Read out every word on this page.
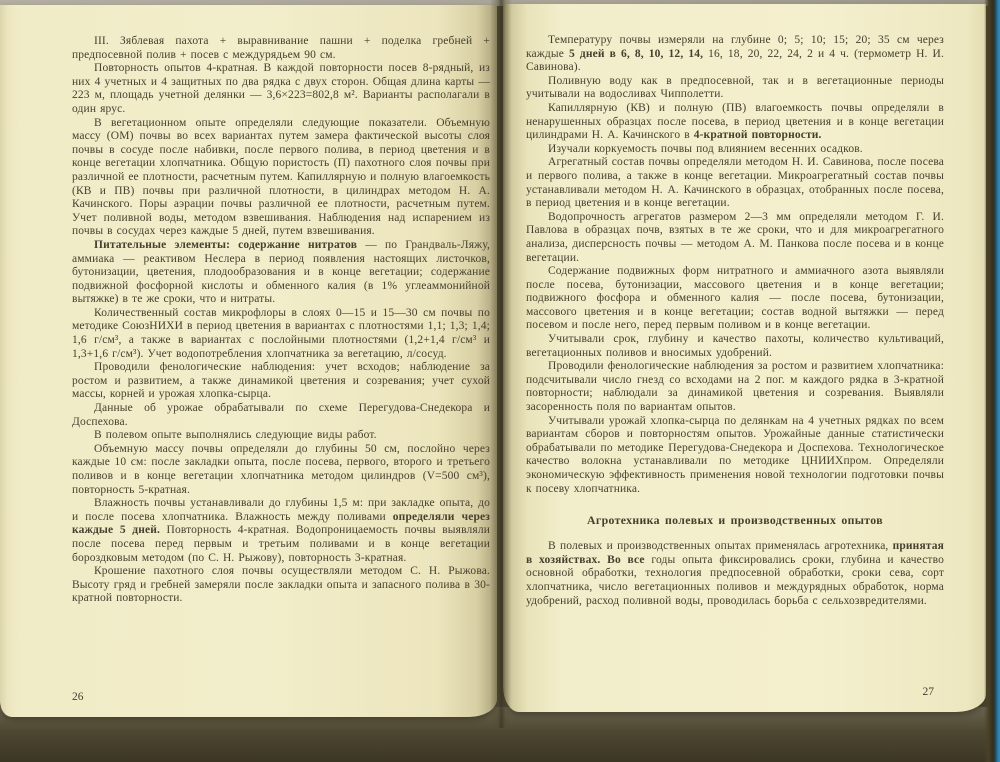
III. Зяблевая пахота + выравнивание пашни + поделка гребней + предпосевной полив + посев с междурядьем 90 см.

Повторность опытов 4-кратная. В каждой повторности посев 8-рядный, из них 4 учетных и 4 защитных по два рядка с двух сторон. Общая длина карты — 223 м, площадь учетной делянки — 3,6×223=802,8 м². Варианты располагали в один ярус.

В вегетационном опыте определяли следующие показатели. Объемную массу (ОМ) почвы во всех вариантах путем замера фактической высоты слоя почвы в сосуде после набивки, после первого полива, в период цветения и в конце вегетации хлопчатника. Общую пористость (П) пахотного слоя почвы при различной ее плотности, расчетным путем. Капиллярную и полную влагоемкость (КВ и ПВ) почвы при различной плотности, в цилиндрах методом Н. А. Качинского. Поры аэрации почвы различной ее плотности, расчетным путем. Учет поливной воды, методом взвешивания. Наблюдения над испарением из почвы в сосудах через каждые 5 дней, путем взвешивания.

Питательные элементы: содержание нитратов — по Грандваль-Ляжу, аммиака — реактивом Неслера в период появления настоящих листочков, бутонизации, цветения, плодообразования и в конце вегетации; содержание подвижной фосфорной кислоты и обменного калия (в 1% углеаммонийной вытяжке) в те же сроки, что и нитраты.

Количественный состав микрофлоры в слоях 0—15 и 15—30 см почвы по методике СоюзНИХИ в период цветения в вариантах с плотностями 1,1; 1,3; 1,4; 1,6 г/см³, а также в вариантах с послойными плотностями (1,2+1,4 г/см³ и 1,3+1,6 г/см³). Учет водопотребления хлопчатника за вегетацию, л/сосуд.

Проводили фенологические наблюдения: учет всходов; наблюдение за ростом и развитием, а также динамикой цветения и созревания; учет сухой массы, корней и урожая хлопка-сырца.

Данные об урожае обрабатывали по схеме Перегудова-Снедекора и Доспехова.

В полевом опыте выполнялись следующие виды работ.

Объемную массу почвы определяли до глубины 50 см, послойно через каждые 10 см: после закладки опыта, после посева, первого, второго и третьего поливов и в конце вегетации хлопчатника методом цилиндров (V=500 см³), повторность 5-кратная.

Влажность почвы устанавливали до глубины 1,5 м: при закладке опыта, до и после посева хлопчатника. Влажность между поливами определяли через каждые 5 дней. Повторность 4-кратная. Водопроницаемость почвы выявляли после посева перед первым и третьим поливами и в конце вегетации бороздковым методом (по С. Н. Рыжову), повторность 3-кратная.

Крошение пахотного слоя почвы осуществляли методом С. Н. Рыжова. Высоту гряд и гребней замеряли после закладки опыта и запасного полива в 30-кратной повторности.

26

Температуру почвы измеряли на глубине 0; 5; 10; 15; 20; 35 см через каждые 5 дней в 6, 8, 10, 12, 14, 16, 18, 20, 22, 24, 2 и 4 ч. (термометр Н. И. Савинова).

Поливную воду как в предпосевной, так и в вегетационные периоды учитывали на водосливах Чипполетти.

Капиллярную (КВ) и полную (ПВ) влагоемкость почвы определяли в ненарушенных образцах после посева, в период цветения и в конце вегетации цилиндрами Н. А. Качинского в 4-кратной повторности.

Изучали коркуемость почвы под влиянием весенних осадков.

Агрегатный состав почвы определяли методом Н. И. Савинова, после посева и первого полива, а также в конце вегетации. Микроагрегатный состав почвы устанавливали методом Н. А. Качинского в образцах, отобранных после посева, в период цветения и в конце вегетации.

Водопрочность агрегатов размером 2—3 мм определяли методом Г. И. Павлова в образцах почв, взятых в те же сроки, что и для микроагрегатного анализа, дисперсность почвы — методом А. М. Панкова после посева и в конце вегетации.

Содержание подвижных форм нитратного и аммиачного азота выявляли после посева, бутонизации, массового цветения и в конце вегетации; подвижного фосфора и обменного калия — после посева, бутонизации, массового цветения и в конце вегетации; состав водной вытяжки — перед посевом и после него, перед первым поливом и в конце вегетации.

Учитывали срок, глубину и качество пахоты, количество культиваций, вегетационных поливов и вносимых удобрений.

Проводили фенологические наблюдения за ростом и развитием хлопчатника: подсчитывали число гнезд со всходами на 2 пог. м каждого рядка в 3-кратной повторности; наблюдали за динамикой цветения и созревания. Выявляли засоренность поля по вариантам опытов.

Учитывали урожай хлопка-сырца по делянкам на 4 учетных рядках по всем вариантам сборов и повторностям опытов. Урожайные данные статистически обрабатывали по методике Перегудова-Снедекора и Доспехова. Технологическое качество волокна устанавливали по методике ЦНИИХпром. Определяли экономическую эффективность применения новой технологии подготовки почвы к посеву хлопчатника.

Агротехника полевых и производственных опытов

В полевых и производственных опытах применялась агротехника, принятая в хозяйствах. Во все годы опыта фиксировались сроки, глубина и качество основной обработки, технология предпосевной обработки, сроки сева, сорт хлопчатника, число вегетационных поливов и междурядных обработок, норма удобрений, расход поливной воды, проводилась борьба с сельхозвредителями.

27
